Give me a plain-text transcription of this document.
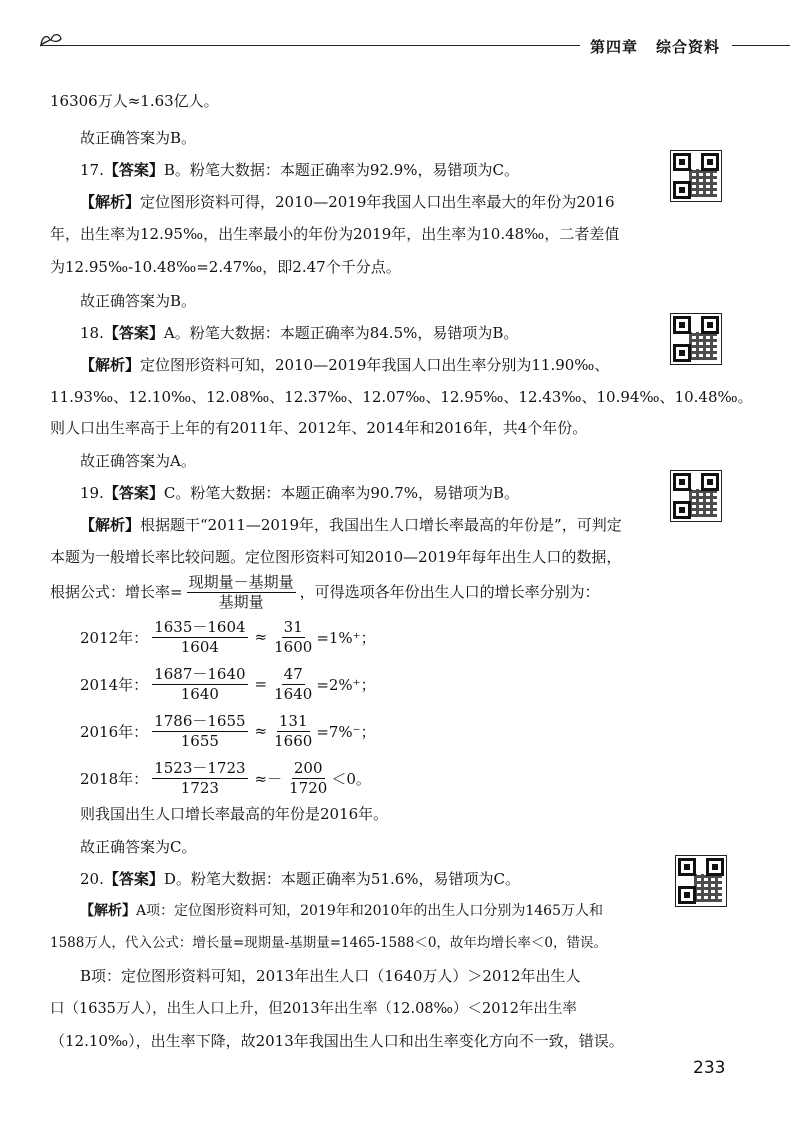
第四章 综合资料
16306万人≈1.63亿人。
故正确答案为B。
17.【答案】B。粉笔大数据：本题正确率为92.9%，易错项为C。
【解析】定位图形资料可得，2010—2019年我国人口出生率最大的年份为2016
年，出生率为12.95‰，出生率最小的年份为2019年，出生率为10.48‰，二者差值
为12.95‰-10.48‰=2.47‰，即2.47个千分点。
故正确答案为B。
18.【答案】A。粉笔大数据：本题正确率为84.5%，易错项为B。
【解析】定位图形资料可知，2010—2019年我国人口出生率分别为11.90‰、
11.93‰、12.10‰、12.08‰、12.37‰、12.07‰、12.95‰、12.43‰、10.94‰、10.48‰。
则人口出生率高于上年的有2011年、2012年、2014年和2016年，共4个年份。
故正确答案为A。
19.【答案】C。粉笔大数据：本题正确率为90.7%，易错项为B。
【解析】根据题干“2011—2019年，我国出生人口增长率最高的年份是”，可判定
本题为一般增长率比较问题。定位图形资料可知2010—2019年每年出生人口的数据，
根据公式：增长率= $\frac{\text{现期量－基期量}}{\text{基期量}}$ ，可得选项各年份出生人口的增长率分别为：
2012年： $\frac{1635-1604}{1604} \approx \frac{31}{1600} =1\%^+$；
2014年： $\frac{1687-1640}{1640} = \frac{47}{1640} =2\%^+$；
2016年： $\frac{1786-1655}{1655} \approx \frac{131}{1660} =7\%^-$；
2018年： $\frac{1523-1723}{1723} \approx- \frac{200}{1720} <0$。
则我国出生人口增长率最高的年份是2016年。
故正确答案为C。
20.【答案】D。粉笔大数据：本题正确率为51.6%，易错项为C。
【解析】A项：定位图形资料可知，2019年和2010年的出生人口分别为1465万人和
1588万人，代入公式：增长量=现期量-基期量=1465-1588＜0，故年均增长率＜0，错误。
B项：定位图形资料可知，2013年出生人口（1640万人）＞2012年出生人
口（1635万人），出生人口上升，但2013年出生率（12.08‰）＜2012年出生率
（12.10‰），出生率下降，故2013年我国出生人口和出生率变化方向不一致，错误。
233
